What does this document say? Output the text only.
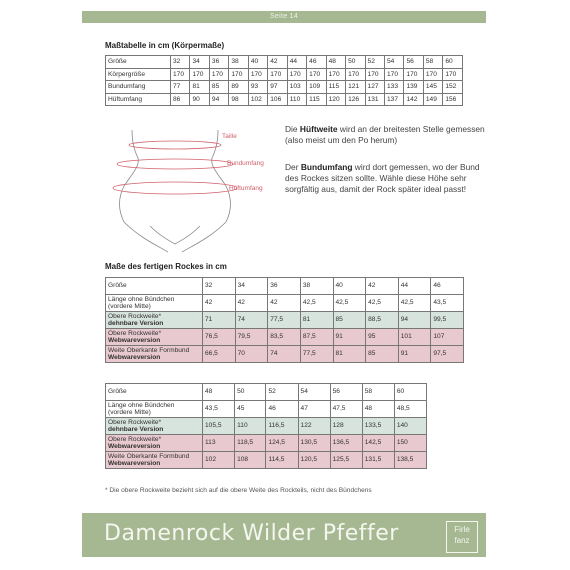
Seite 14
Maßtabelle in cm (Körpermaße)
Größe	32	34	36	38	40	42	44	46	48	50	52	54	56	58	60
Körpergröße	170	170	170	170	170	170	170	170	170	170	170	170	170	170	170
Bundumfang	77	81	85	89	93	97	103	109	115	121	127	133	139	145	152
Hüftumfang	86	90	94	98	102	106	110	115	120	126	131	137	142	149	156
Taille
Bundumfang
Hüftumfang
Die Hüftweite wird an der breitesten Stelle gemessen (also meist um den Po herum)
Der Bundumfang wird dort gemessen, wo der Bund des Rockes sitzen sollte. Wähle diese Höhe sehr sorgfältig aus, damit der Rock später ideal passt!
Maße des fertigen Rockes in cm
Größe	32	34	36	38	40	42	44	46

Länge ohne Bündchen
(vordere Mitte)	42	42	42	42,5	42,5	42,5	42,5	43,5

Obere Rockweite*
dehnbare Version	71	74	77,5	81	85	88,5	94	99,5

Obere Rockweite*
Webwareversion	76,5	79,5	83,5	87,5	91	95	101	107

Weite Oberkante Formbund
Webwareversion	66,5	70	74	77,5	81	85	91	97,5
Größe	48	50	52	54	56	58	60

Länge ohne Bündchen
(vordere Mitte)	43,5	45	46	47	47,5	48	48,5

Obere Rockweite*
dehnbare Version	105,5	110	116,5	122	128	133,5	140

Obere Rockweite*
Webwareversion	113	118,5	124,5	130,5	136,5	142,5	150

Weite Oberkante Formbund
Webwareversion	102	108	114,5	120,5	125,5	131,5	138,5
* Die obere Rockweite bezieht sich auf die obere Weite des Rockteils, nicht des Bündchens
Damenrock Wilder Pfeffer	Firle
fanz
